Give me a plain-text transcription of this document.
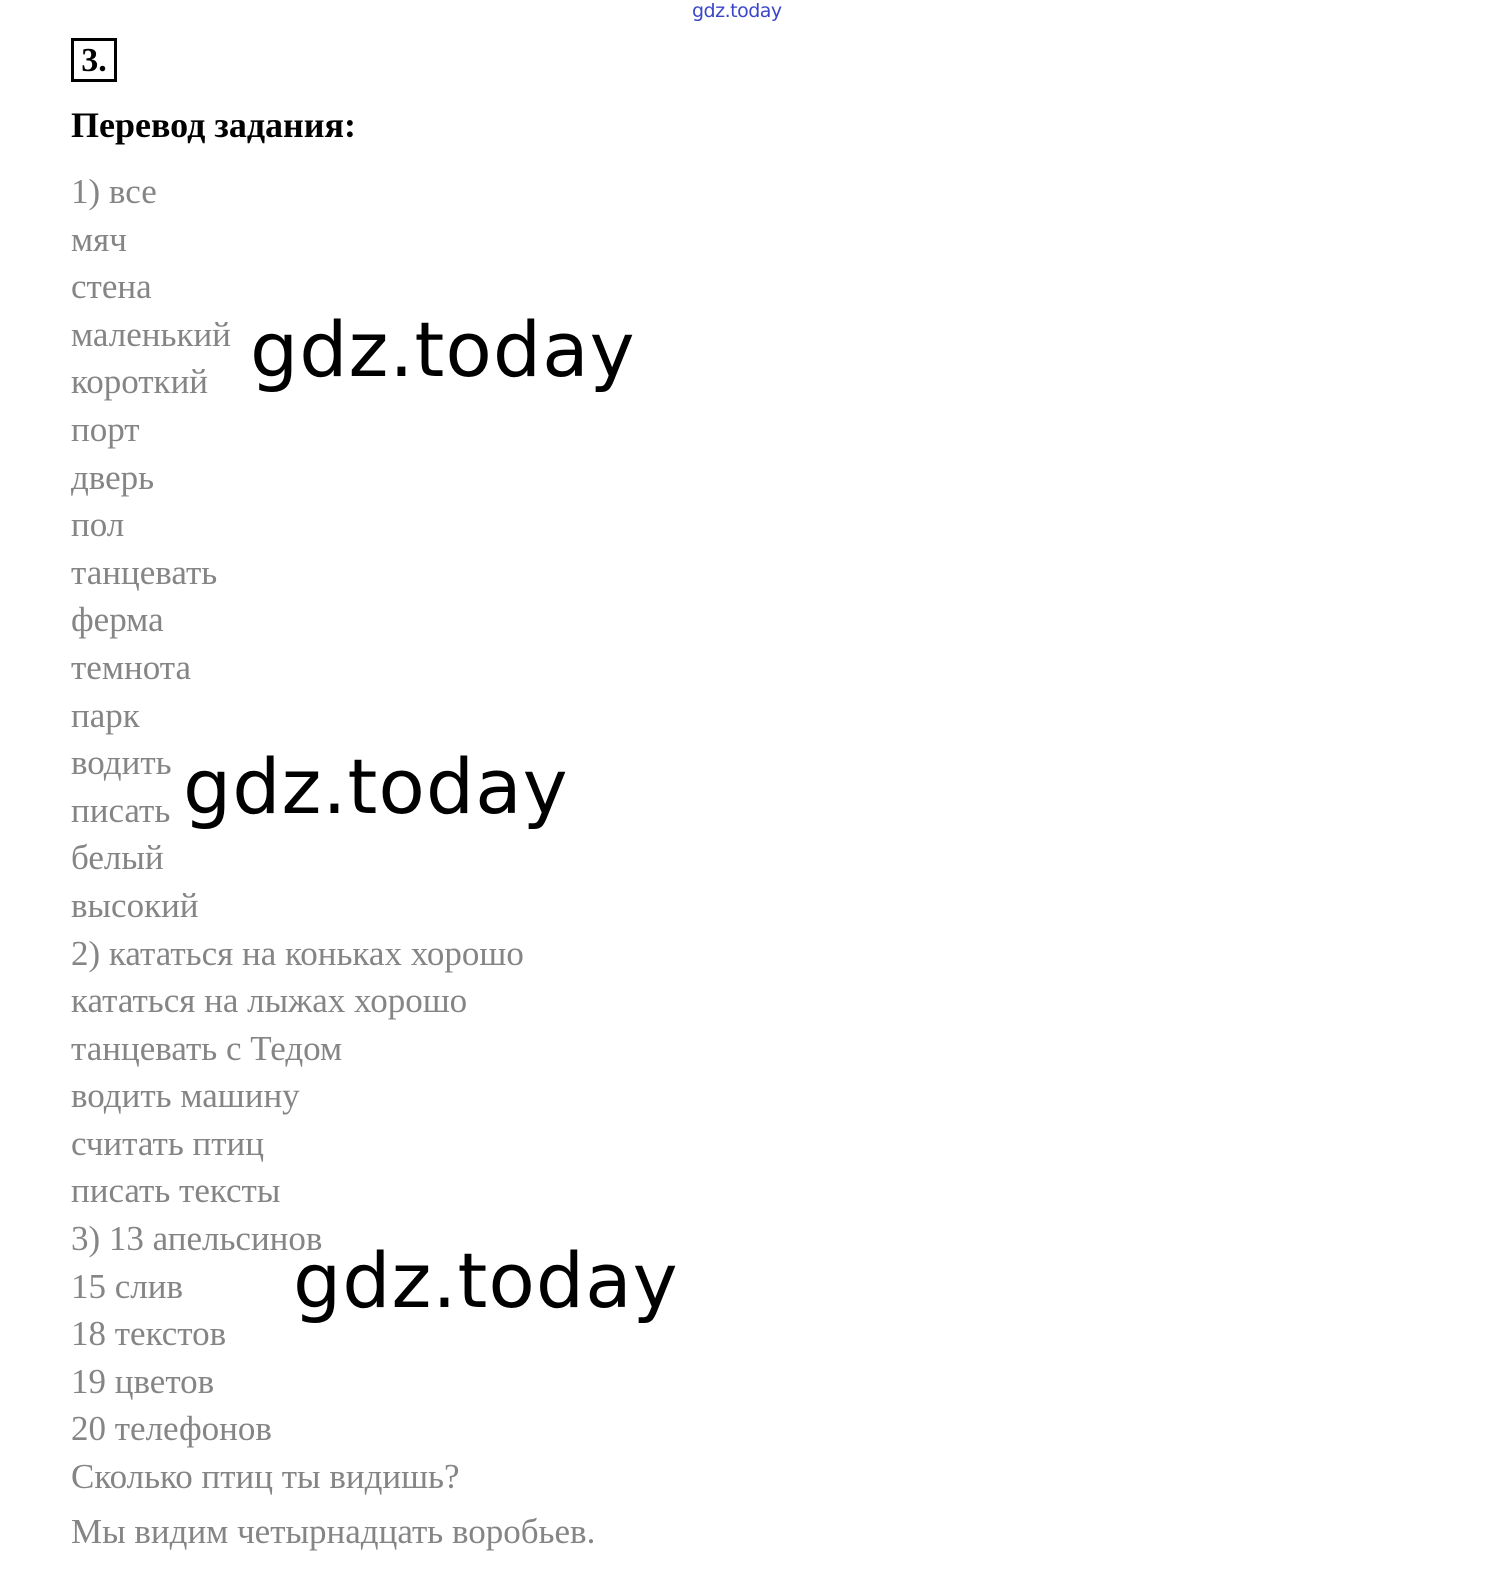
gdz.today
3.
Перевод задания:
1) все
мяч
стена
маленький
короткий
порт
дверь
пол
танцевать
ферма
темнота
парк
водить
писать
белый
высокий
2) кататься на коньках хорошо
кататься на лыжах хорошо
танцевать с Тедом
водить машину
считать птиц
писать тексты
3) 13 апельсинов
15 слив
18 текстов
19 цветов
20 телефонов
Сколько птиц ты видишь?
Мы видим четырнадцать воробьев.
gdz.today
gdz.today
gdz.today
